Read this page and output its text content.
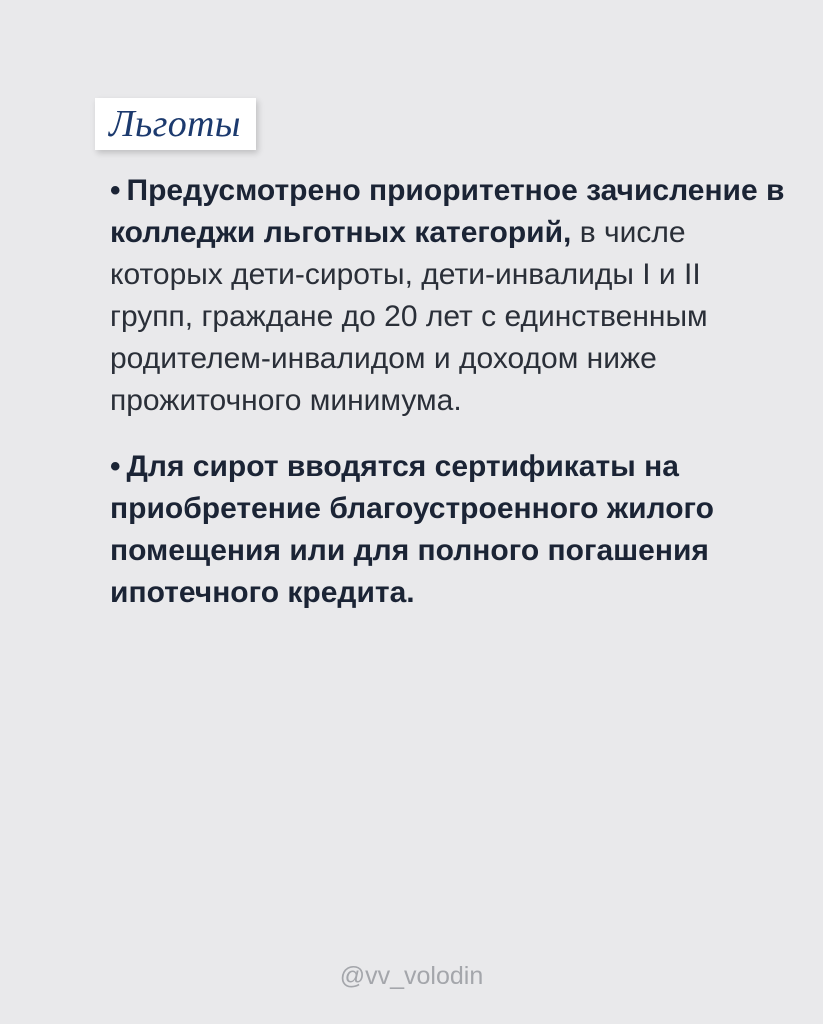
Льготы

• Предусмотрено приоритетное зачисление в колледжи льготных категорий, в числе которых дети-сироты, дети-инвалиды I и II групп, граждане до 20 лет с единственным родителем-инвалидом и доходом ниже прожиточного минимума.

• Для сирот вводятся сертификаты на приобретение благоустроенного жилого помещения или для полного погашения ипотечного кредита.

@vv_volodin
